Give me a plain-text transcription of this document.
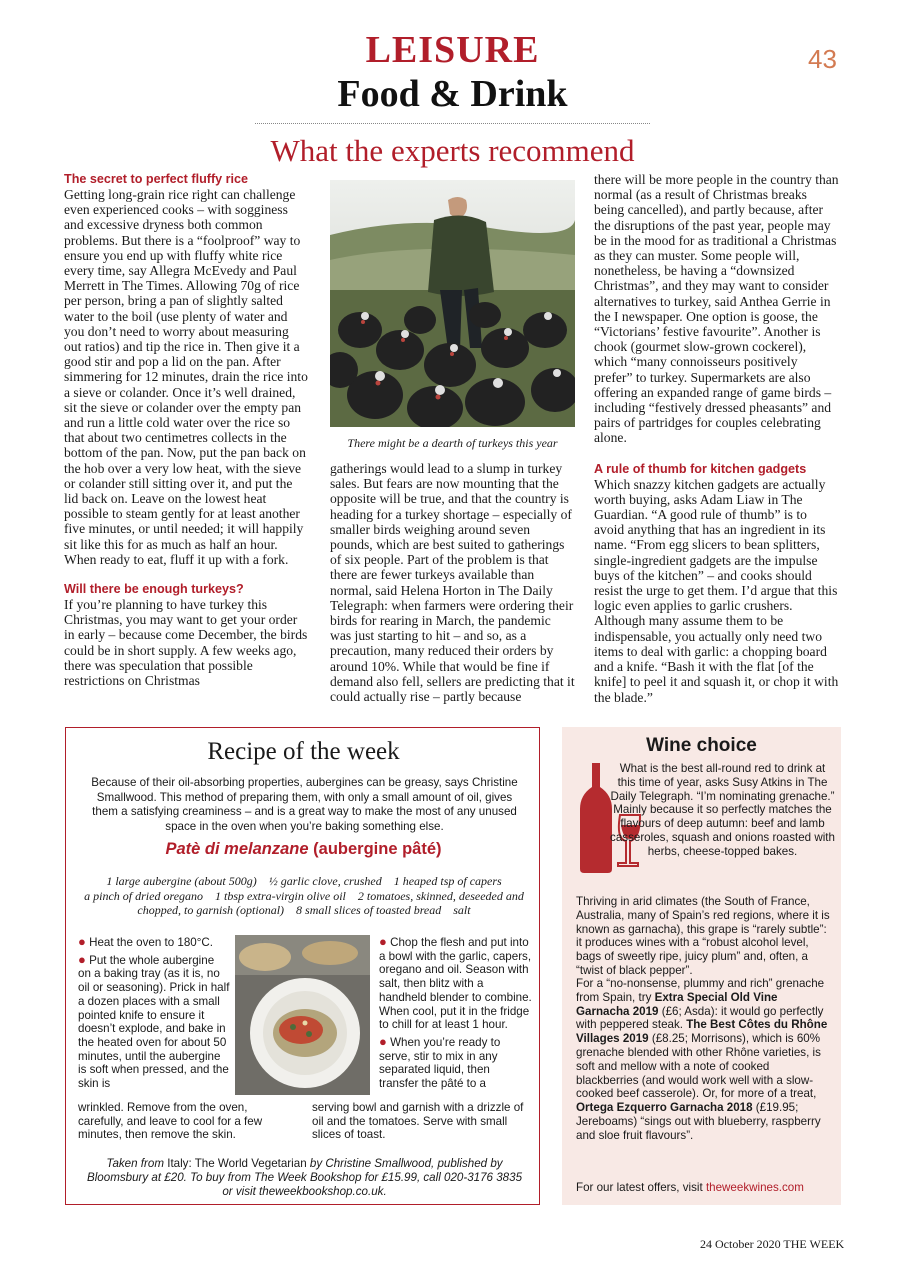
LEISURE	43
Food & Drink
What the experts recommend
The secret to perfect fluffy rice

Getting long-grain rice right can challenge even experienced cooks – with sogginess and excessive dryness both common problems. But there is a “foolproof” way to ensure you end up with fluffy white rice every time, say Allegra McEvedy and Paul Merrett in The Times. Allowing 70g of rice per person, bring a pan of slightly salted water to the boil (use plenty of water and you don’t need to worry about measuring out ratios) and tip the rice in. Then give it a good stir and pop a lid on the pan. After simmering for 12 minutes, drain the rice into a sieve or colander. Once it’s well drained, sit the sieve or colander over the empty pan and run a little cold water over the rice so that about two centimetres collects in the bottom of the pan. Now, put the pan back on the hob over a very low heat, with the sieve or colander still sitting over it, and put the lid back on. Leave on the lowest heat possible to steam gently for at least another five minutes, or until needed; it will happily sit like this for as much as half an hour. When ready to eat, fluff it up with a fork.

Will there be enough turkeys?

If you’re planning to have turkey this Christmas, you may want to get your order in early – because come December, the birds could be in short supply. A few weeks ago, there was speculation that possible restrictions on Christmas

There might be a dearth of turkeys this year

gatherings would lead to a slump in turkey sales. But fears are now mounting that the opposite will be true, and that the country is heading for a turkey shortage – especially of smaller birds weighing around seven pounds, which are best suited to gatherings of six people. Part of the problem is that there are fewer turkeys available than normal, said Helena Horton in The Daily Telegraph: when farmers were ordering their birds for rearing in March, the pandemic was just starting to hit – and so, as a precaution, many reduced their orders by around 10%. While that would be fine if demand also fell, sellers are predicting that it could actually rise – partly because

there will be more people in the country than normal (as a result of Christmas breaks being cancelled), and partly because, after the disruptions of the past year, people may be in the mood for as traditional a Christmas as they can muster. Some people will, nonetheless, be having a “downsized Christmas”, and they may want to consider alternatives to turkey, said Anthea Gerrie in the I newspaper. One option is goose, the “Victorians’ festive favourite”. Another is chook (gourmet slow-grown cockerel), which “many connoisseurs positively prefer” to turkey. Supermarkets are also offering an expanded range of game birds – including “festively dressed pheasants” and pairs of partridges for couples celebrating alone.

A rule of thumb for kitchen gadgets

Which snazzy kitchen gadgets are actually worth buying, asks Adam Liaw in The Guardian. “A good rule of thumb” is to avoid anything that has an ingredient in its name. “From egg slicers to bean splitters, single-ingredient gadgets are the impulse buys of the kitchen” – and cooks should resist the urge to get them. I’d argue that this logic even applies to garlic crushers. Although many assume them to be indispensable, you actually only need two items to deal with garlic: a chopping board and a knife. “Bash it with the flat [of the knife] to peel it and squash it, or chop it with the blade.”

Recipe of the week
Because of their oil-absorbing properties, aubergines can be greasy, says Christine Smallwood. This method of preparing them, with only a small amount of oil, gives them a satisfying creaminess – and is a great way to make the most of any unused space in the oven when you’re baking something else.
Patè di melanzane (aubergine pâté)
1 large aubergine (about 500g) ½ garlic clove, crushed 1 heaped tsp of capers
a pinch of dried oregano 1 tbsp extra-virgin olive oil 2 tomatoes, skinned, deseeded and chopped, to garnish (optional) 8 small slices of toasted bread salt
● Heat the oven to 180°C.
● Put the whole aubergine on a baking tray (as it is, no oil or seasoning). Prick in half a dozen places with a small pointed knife to ensure it doesn’t explode, and bake in the heated oven for about 50 minutes, until the aubergine is soft when pressed, and the skin is
wrinkled. Remove from the oven, carefully, and leave to cool for a few minutes, then remove the skin.
● Chop the flesh and put into a bowl with the garlic, capers, oregano and oil. Season with salt, then blitz with a handheld blender to combine. When cool, put it in the fridge to chill for at least 1 hour.
● When you’re ready to serve, stir to mix in any separated liquid, then transfer the pâté to a
serving bowl and garnish with a drizzle of oil and the tomatoes. Serve with small slices of toast.
Taken from Italy: The World Vegetarian by Christine Smallwood, published by Bloomsbury at £20. To buy from The Week Bookshop for £15.99, call 020-3176 3835 or visit theweekbookshop.co.uk.
Wine choice
What is the best all-round red to drink at this time of year, asks Susy Atkins in The Daily Telegraph. “I’m nominating grenache.” Mainly because it so perfectly matches the flavours of deep autumn: beef and lamb casseroles, squash and onions roasted with herbs, cheese-topped bakes.
Thriving in arid climates (the South of France, Australia, many of Spain’s red regions, where it is known as garnacha), this grape is “rarely subtle”: it produces wines with a “robust alcohol level, bags of sweetly ripe, juicy plum” and, often, a “twist of black pepper”.
For a “no-nonsense, plummy and rich” grenache from Spain, try Extra Special Old Vine Garnacha 2019 (£6; Asda): it would go perfectly with peppered steak. The Best Côtes du Rhône Villages 2019 (£8.25; Morrisons), which is 60% grenache blended with other Rhône varieties, is soft and mellow with a note of cooked blackberries (and would work well with a slow-cooked beef casserole). Or, for more of a treat, Ortega Ezquerro Garnacha 2018 (£19.95; Jereboams) “sings out with blueberry, raspberry and sloe fruit flavours”.
For our latest offers, visit theweekwines.com
24 October 2020 THE WEEK
